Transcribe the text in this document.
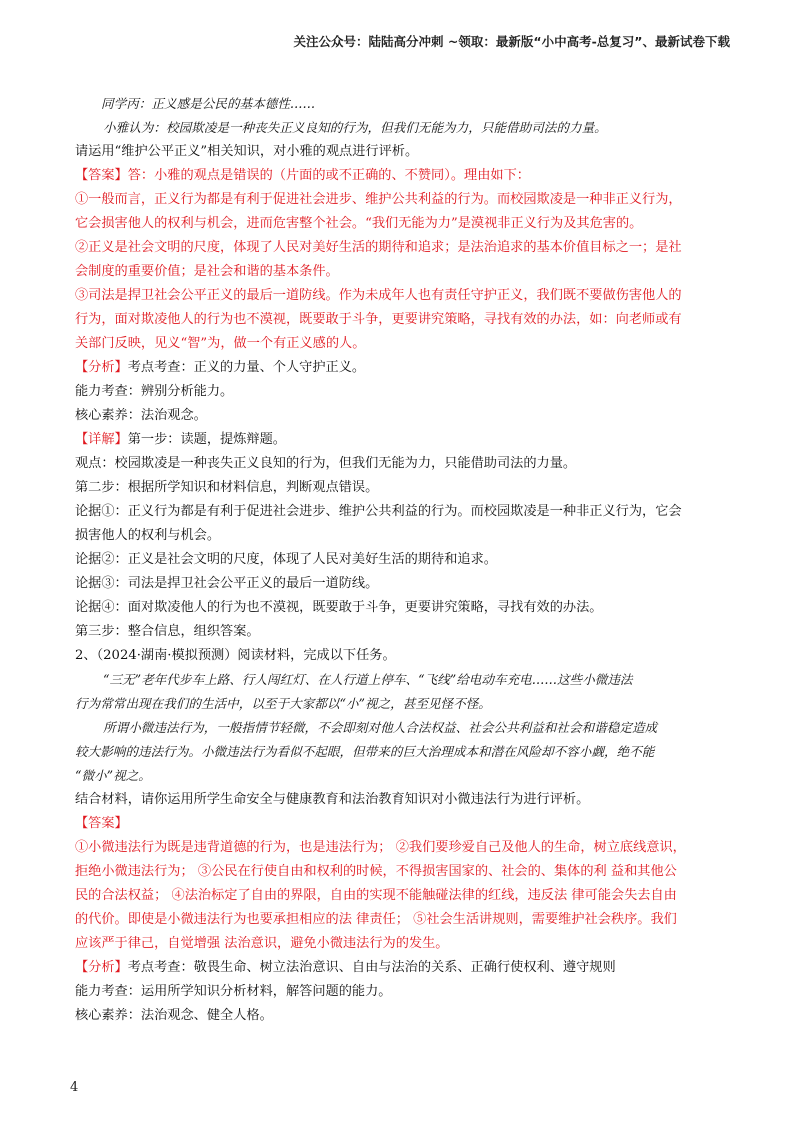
关注公众号：陆陆高分冲刺 ~领取：最新版“小中高考-总复习”、最新试卷下载

同学丙：正义感是公民的基本德性……

小雅认为：校园欺凌是一种丧失正义良知的行为，但我们无能为力，只能借助司法的力量。

请运用“维护公平正义”相关知识，对小雅的观点进行评析。

【答案】答：小雅的观点是错误的（片面的或不正确的、不赞同）。理由如下：

①一般而言，正义行为都是有利于促进社会进步、维护公共利益的行为。而校园欺凌是一种非正义行为，

它会损害他人的权利与机会，进而危害整个社会。“我们无能为力”是漠视非正义行为及其危害的。

②正义是社会文明的尺度，体现了人民对美好生活的期待和追求；是法治追求的基本价值目标之一；是社

会制度的重要价值；是社会和谐的基本条件。

③司法是捍卫社会公平正义的最后一道防线。作为未成年人也有责任守护正义，我们既不要做伤害他人的

行为，面对欺凌他人的行为也不漠视，既要敢于斗争，更要讲究策略，寻找有效的办法，如：向老师或有

关部门反映，见义“智”为，做一个有正义感的人。

【分析】考点考查：正义的力量、个人守护正义。

能力考查：辨别分析能力。

核心素养：法治观念。

【详解】第一步：读题，提炼辩题。

观点：校园欺凌是一种丧失正义良知的行为，但我们无能为力，只能借助司法的力量。

第二步：根据所学知识和材料信息，判断观点错误。

论据①：正义行为都是有利于促进社会进步、维护公共利益的行为。而校园欺凌是一种非正义行为，它会

损害他人的权利与机会。

论据②：正义是社会文明的尺度，体现了人民对美好生活的期待和追求。

论据③：司法是捍卫社会公平正义的最后一道防线。

论据④：面对欺凌他人的行为也不漠视，既要敢于斗争，更要讲究策略，寻找有效的办法。

第三步：整合信息，组织答案。

2、（2024·湖南·模拟预测）阅读材料，完成以下任务。

“三无”老年代步车上路、行人闯红灯、在人行道上停车、“飞线”给电动车充电……这些小微违法

行为常常出现在我们的生活中，以至于大家都以“小”视之，甚至见怪不怪。

所谓小微违法行为，一般指情节轻微，不会即刻对他人合法权益、社会公共利益和社会和谐稳定造成

较大影响的违法行为。小微违法行为看似不起眼，但带来的巨大治理成本和潜在风险却不容小觑，绝不能

“微小”视之。

结合材料，请你运用所学生命安全与健康教育和法治教育知识对小微违法行为进行评析。

【答案】

①小微违法行为既是违背道德的行为，也是违法行为； ②我们要珍爱自己及他人的生命，树立底线意识，

拒绝小微违法行为； ③公民在行使自由和权利的时候，不得损害国家的、社会的、集体的利 益和其他公

民的合法权益； ④法治标定了自由的界限，自由的实现不能触碰法律的红线，违反法 律可能会失去自由

的代价。即使是小微违法行为也要承担相应的法 律责任； ⑤社会生活讲规则，需要维护社会秩序。我们

应该严于律己，自觉增强 法治意识，避免小微违法行为的发生。

【分析】考点考查：敬畏生命、树立法治意识、自由与法治的关系、正确行使权利、遵守规则

能力考查：运用所学知识分析材料，解答问题的能力。

核心素养：法治观念、健全人格。

4
